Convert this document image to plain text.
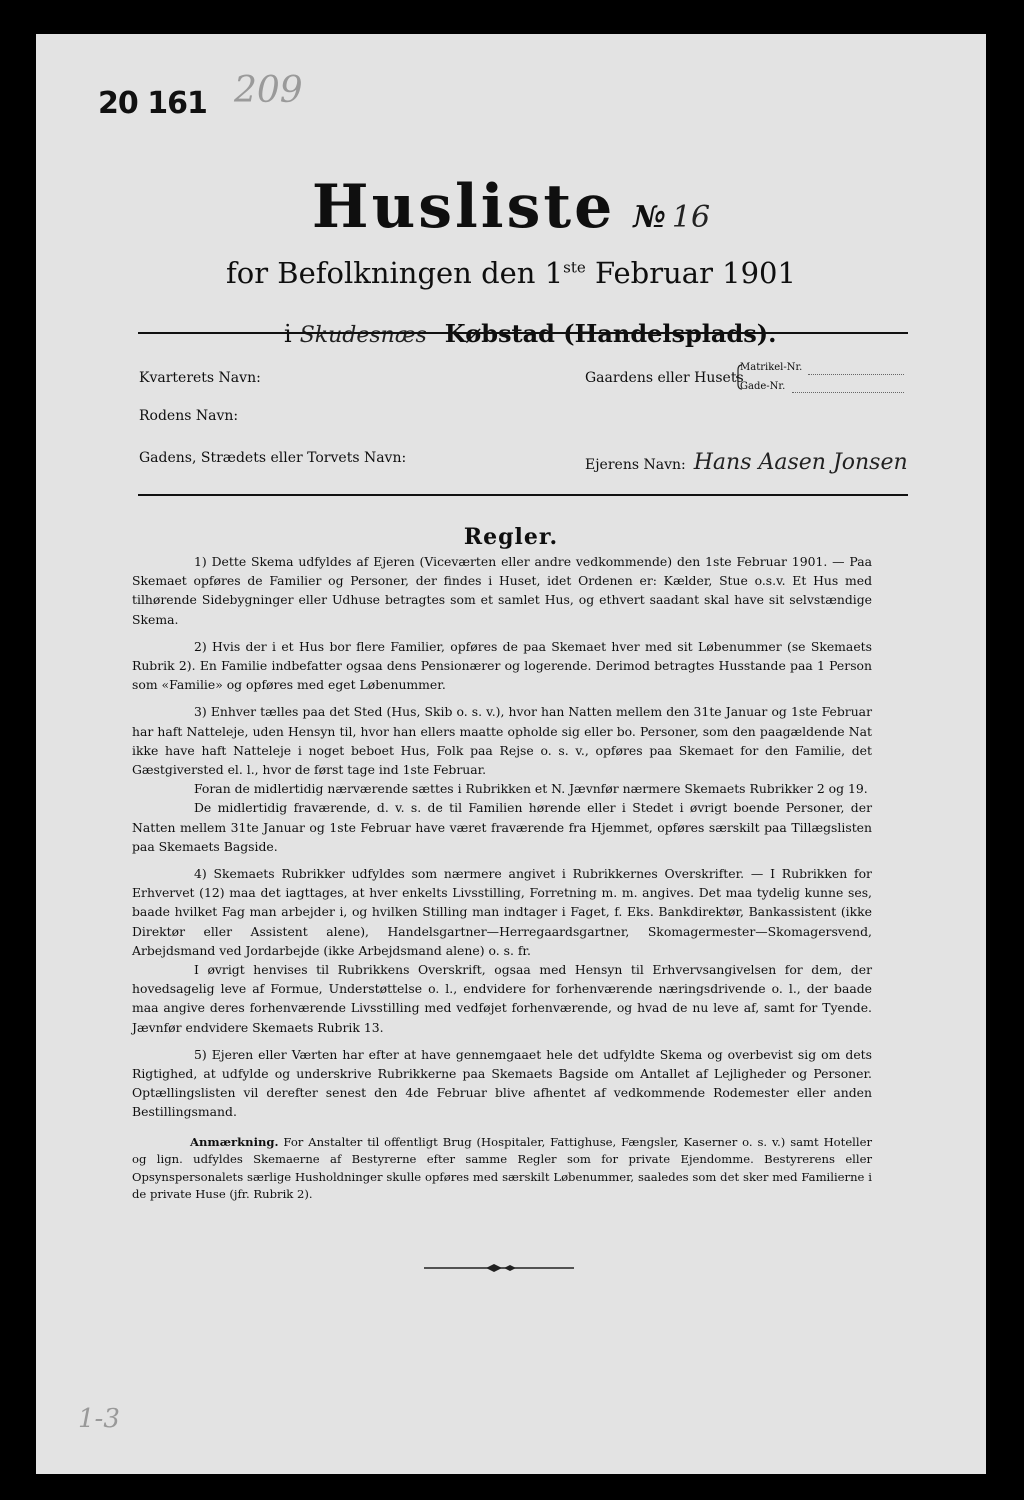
20 161 209
Husliste № 16
for Befolkningen den 1ste Februar 1901
i Skudesnæs Købstad (Handelsplads).
Kvarterets Navn:
Rodens Navn:
Gadens, Strædets eller Torvets Navn:
Gaardens eller Husets
Matrikel-Nr.
Gade-Nr.
Ejerens Navn: Hans Aasen Jonsen
Regler.

1) Dette Skema udfyldes af Ejeren (Viceværten eller andre vedkommende) den 1ste Februar 1901. — Paa Skemaet opføres de Familier og Personer, der findes i Huset, idet Ordenen er: Kælder, Stue o.s.v. Et Hus med tilhørende Sidebygninger eller Udhuse betragtes som et samlet Hus, og ethvert saadant skal have sit selvstændige Skema.

2) Hvis der i et Hus bor flere Familier, opføres de paa Skemaet hver med sit Løbenummer (se Skemaets Rubrik 2). En Familie indbefatter ogsaa dens Pensionærer og logerende. Derimod betragtes Husstande paa 1 Person som «Familie» og opføres med eget Løbenummer.

3) Enhver tælles paa det Sted (Hus, Skib o. s. v.), hvor han Natten mellem den 31te Januar og 1ste Februar har haft Natteleje, uden Hensyn til, hvor han ellers maatte opholde sig eller bo. Personer, som den paagældende Nat ikke have haft Natteleje i noget beboet Hus, Folk paa Rejse o. s. v., opføres paa Skemaet for den Familie, det Gæstgiversted el. l., hvor de først tage ind 1ste Februar.

Foran de midlertidig nærværende sættes i Rubrikken et N. Jævnfør nærmere Skemaets Rubrikker 2 og 19.

De midlertidig fraværende, d. v. s. de til Familien hørende eller i Stedet i øvrigt boende Personer, der Natten mellem 31te Januar og 1ste Februar have været fraværende fra Hjemmet, opføres særskilt paa Tillægslisten paa Skemaets Bagside.

4) Skemaets Rubrikker udfyldes som nærmere angivet i Rubrikkernes Overskrifter. — I Rubrikken for Erhvervet (12) maa det iagttages, at hver enkelts Livsstilling, Forretning m. m. angives. Det maa tydelig kunne ses, baade hvilket Fag man arbejder i, og hvilken Stilling man indtager i Faget, f. Eks. Bankdirektør, Bankassistent (ikke Direktør eller Assistent alene), Handelsgartner—Herregaardsgartner, Skomagermester—Skomagersvend, Arbejdsmand ved Jordarbejde (ikke Arbejdsmand alene) o. s. fr.

I øvrigt henvises til Rubrikkens Overskrift, ogsaa med Hensyn til Erhvervsangivelsen for dem, der hovedsagelig leve af Formue, Understøttelse o. l., endvidere for forhenværende næringsdrivende o. l., der baade maa angive deres forhenværende Livsstilling med vedføjet forhenværende, og hvad de nu leve af, samt for Tyende. Jævnfør endvidere Skemaets Rubrik 13.

5) Ejeren eller Værten har efter at have gennemgaaet hele det udfyldte Skema og overbevist sig om dets Rigtighed, at udfylde og underskrive Rubrikkerne paa Skemaets Bagside om Antallet af Lejligheder og Personer. Optællingslisten vil derefter senest den 4de Februar blive afhentet af vedkommende Rodemester eller anden Bestillingsmand.

Anmærkning. For Anstalter til offentligt Brug (Hospitaler, Fattighuse, Fængsler, Kaserner o. s. v.) samt Hoteller og lign. udfyldes Skemaerne af Bestyrerne efter samme Regler som for private Ejendomme. Bestyrerens eller Opsynspersonalets særlige Husholdninger skulle opføres med særskilt Løbenummer, saaledes som det sker med Familierne i de private Huse (jfr. Rubrik 2).

1-3
